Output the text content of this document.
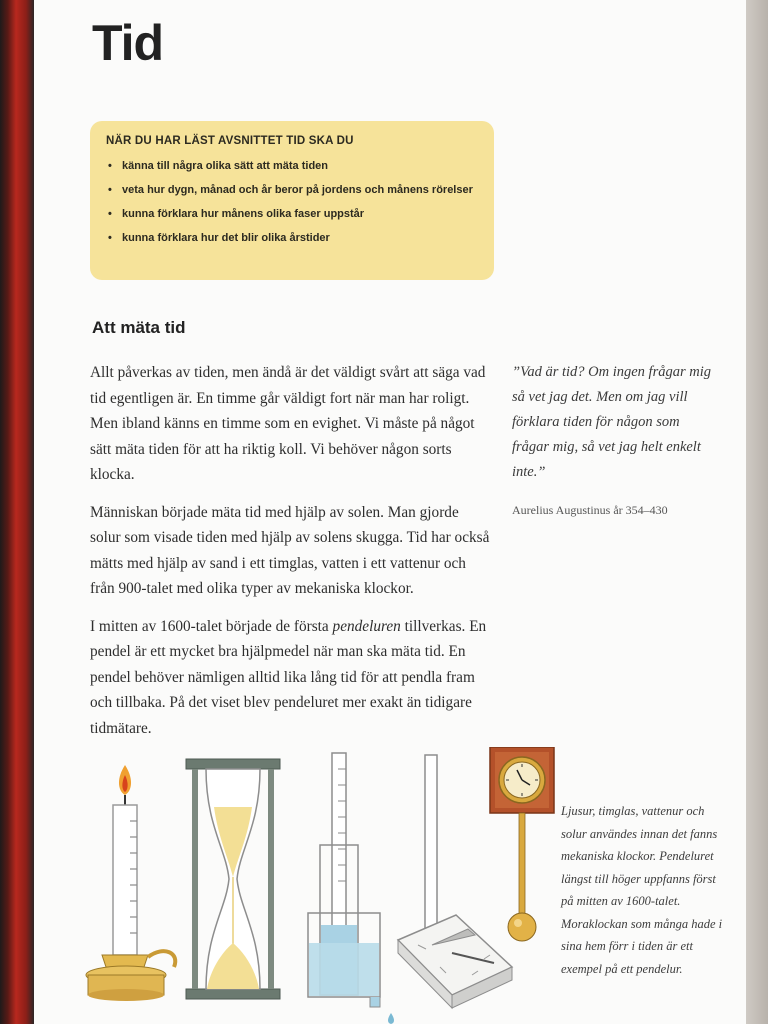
Tid
NÄR DU HAR LÄST AVSNITTET TID SKA DU
• känna till några olika sätt att mäta tiden
• veta hur dygn, månad och år beror på jordens och månens rörelser
• kunna förklara hur månens olika faser uppstår
• kunna förklara hur det blir olika årstider
Att mäta tid

Allt påverkas av tiden, men ändå är det väldigt svårt att säga vad tid egentligen är. En timme går väldigt fort när man har roligt. Men ibland känns en timme som en evighet. Vi måste på något sätt mäta tiden för att ha riktig koll. Vi behöver någon sorts klocka.

Människan började mäta tid med hjälp av solen. Man gjorde solur som visade tiden med hjälp av solens skugga. Tid har också mätts med hjälp av sand i ett timglas, vatten i ett vattenur och från 900-talet med olika typer av mekaniska klockor.

I mitten av 1600-talet började de första pendeluren tillverkas. En pendel är ett mycket bra hjälpmedel när man ska mäta tid. En pendel behöver nämligen alltid lika lång tid för att pendla fram och tillbaka. På det viset blev pendeluret mer exakt än tidigare tidmätare.

”Vad är tid? Om ingen frågar mig så vet jag det. Men om jag vill förklara tiden för någon som frågar mig, så vet jag helt enkelt inte.”
Aurelius Augustinus år 354–430
Ljusur, timglas, vattenur och solur användes innan det fanns mekaniska klockor. Pendeluret längst till höger uppfanns först på mitten av 1600-talet. Moraklockan som många hade i sina hem förr i tiden är ett exempel på ett pendelur.
